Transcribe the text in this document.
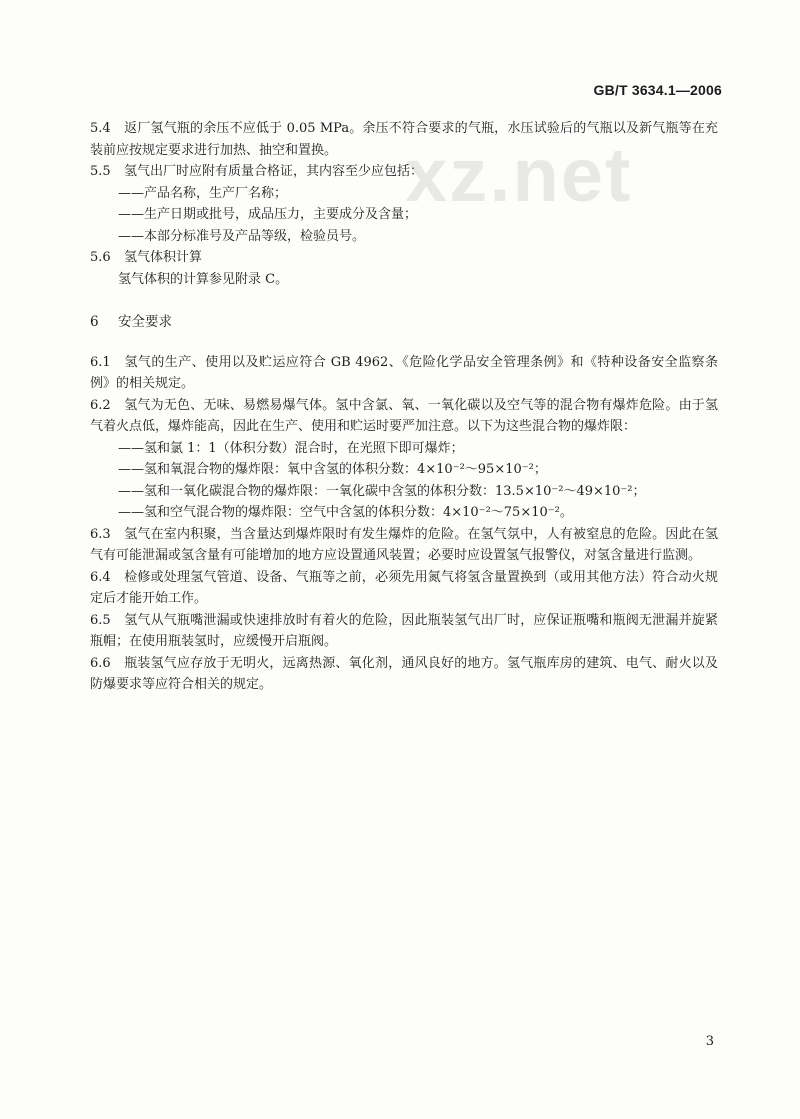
GB/T 3634.1—2006
xz.net

5.4 返厂氢气瓶的余压不应低于 0.05 MPa。余压不符合要求的气瓶，水压试验后的气瓶以及新气瓶等在充装前应按规定要求进行加热、抽空和置换。

5.5 氢气出厂时应附有质量合格证，其内容至少应包括：

——产品名称，生产厂名称；

——生产日期或批号，成品压力，主要成分及含量；

——本部分标准号及产品等级，检验员号。

5.6 氢气体积计算

氢气体积的计算参见附录 C。

6 安全要求

6.1 氢气的生产、使用以及贮运应符合 GB 4962、《危险化学品安全管理条例》和《特种设备安全监察条例》的相关规定。

6.2 氢气为无色、无味、易燃易爆气体。氢中含氯、氧、一氧化碳以及空气等的混合物有爆炸危险。由于氢气着火点低，爆炸能高，因此在生产、使用和贮运时要严加注意。以下为这些混合物的爆炸限：

——氢和氯 1：1（体积分数）混合时，在光照下即可爆炸；

——氢和氧混合物的爆炸限：氧中含氢的体积分数：4×10⁻²～95×10⁻²；

——氢和一氧化碳混合物的爆炸限：一氧化碳中含氢的体积分数：13.5×10⁻²～49×10⁻²；

——氢和空气混合物的爆炸限：空气中含氢的体积分数：4×10⁻²～75×10⁻²。

6.3 氢气在室内积聚，当含量达到爆炸限时有发生爆炸的危险。在氢气氛中，人有被窒息的危险。因此在氢气有可能泄漏或氢含量有可能增加的地方应设置通风装置；必要时应设置氢气报警仪，对氢含量进行监测。

6.4 检修或处理氢气管道、设备、气瓶等之前，必须先用氮气将氢含量置换到（或用其他方法）符合动火规定后才能开始工作。

6.5 氢气从气瓶嘴泄漏或快速排放时有着火的危险，因此瓶装氢气出厂时，应保证瓶嘴和瓶阀无泄漏并旋紧瓶帽；在使用瓶装氢时，应缓慢开启瓶阀。

6.6 瓶装氢气应存放于无明火，远离热源、氧化剂，通风良好的地方。氢气瓶库房的建筑、电气、耐火以及防爆要求等应符合相关的规定。

3
